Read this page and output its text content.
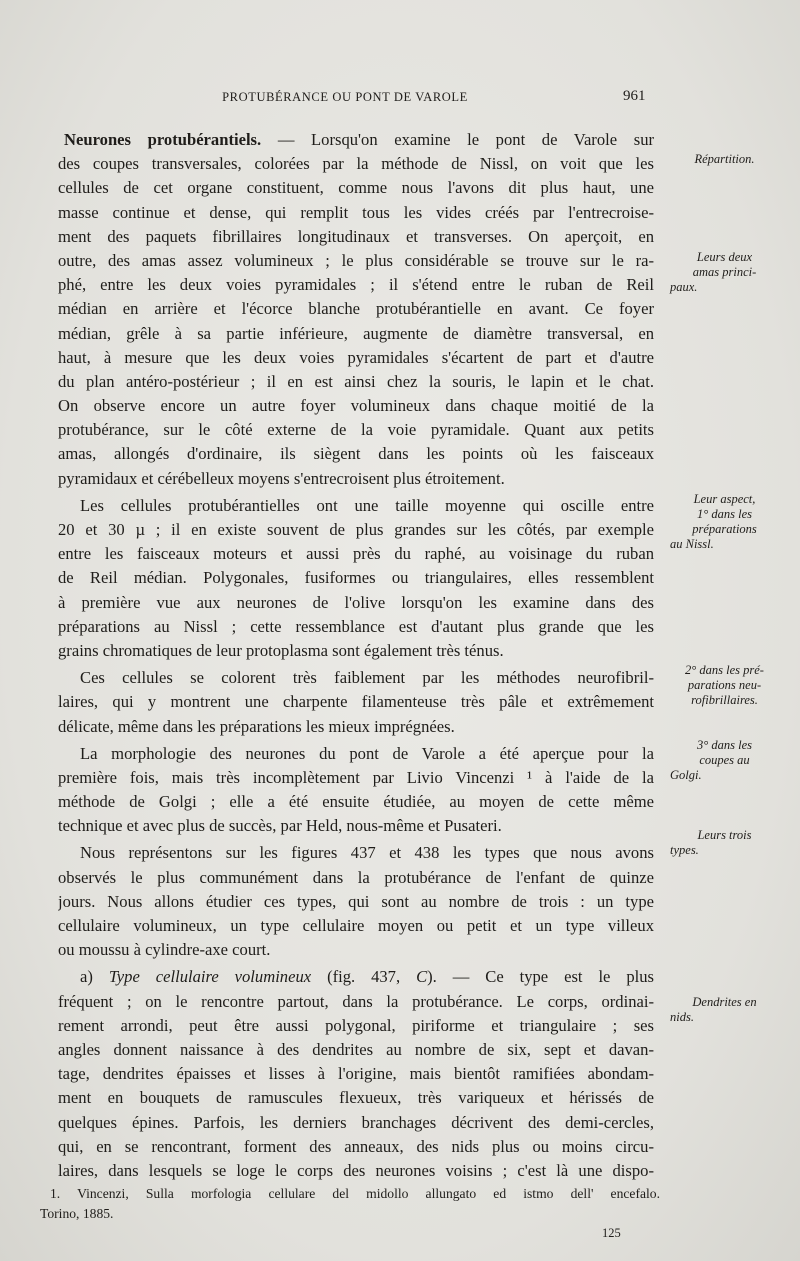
PROTUBÉRANCE OU PONT DE VAROLE	961
Neurones protubérantiels. — Lorsqu'on examine le pont de Varole sur
des coupes transversales, colorées par la méthode de Nissl, on voit que les
cellules de cet organe constituent, comme nous l'avons dit plus haut, une
masse continue et dense, qui remplit tous les vides créés par l'entrecroise-
ment des paquets fibrillaires longitudinaux et transverses. On aperçoit, en
outre, des amas assez volumineux ; le plus considérable se trouve sur le ra-
phé, entre les deux voies pyramidales ; il s'étend entre le ruban de Reil
médian en arrière et l'écorce blanche protubérantielle en avant. Ce foyer
médian, grêle à sa partie inférieure, augmente de diamètre transversal, en
haut, à mesure que les deux voies pyramidales s'écartent de part et d'autre
du plan antéro-postérieur ; il en est ainsi chez la souris, le lapin et le chat.
On observe encore un autre foyer volumineux dans chaque moitié de la
protubérance, sur le côté externe de la voie pyramidale. Quant aux petits
amas, allongés d'ordinaire, ils siègent dans les points où les faisceaux
pyramidaux et cérébelleux moyens s'entrecroisent plus étroitement.
Les cellules protubérantielles ont une taille moyenne qui oscille entre
20 et 30 µ ; il en existe souvent de plus grandes sur les côtés, par exemple
entre les faisceaux moteurs et aussi près du raphé, au voisinage du ruban
de Reil médian. Polygonales, fusiformes ou triangulaires, elles ressemblent
à première vue aux neurones de l'olive lorsqu'on les examine dans des
préparations au Nissl ; cette ressemblance est d'autant plus grande que les
grains chromatiques de leur protoplasma sont également très ténus.
Ces cellules se colorent très faiblement par les méthodes neurofibril-
laires, qui y montrent une charpente filamenteuse très pâle et extrêmement
délicate, même dans les préparations les mieux imprégnées.
La morphologie des neurones du pont de Varole a été aperçue pour la
première fois, mais très incomplètement par Livio Vincenzi ¹ à l'aide de la
méthode de Golgi ; elle a été ensuite étudiée, au moyen de cette même
technique et avec plus de succès, par Held, nous-même et Pusateri.
Nous représentons sur les figures 437 et 438 les types que nous avons
observés le plus communément dans la protubérance de l'enfant de quinze
jours. Nous allons étudier ces types, qui sont au nombre de trois : un type
cellulaire volumineux, un type cellulaire moyen ou petit et un type villeux
ou moussu à cylindre-axe court.
a) Type cellulaire volumineux (fig. 437, C). — Ce type est le plus
fréquent ; on le rencontre partout, dans la protubérance. Le corps, ordinai-
rement arrondi, peut être aussi polygonal, piriforme et triangulaire ; ses
angles donnent naissance à des dendrites au nombre de six, sept et davan-
tage, dendrites épaisses et lisses à l'origine, mais bientôt ramifiées abondam-
ment en bouquets de ramuscules flexueux, très variqueux et hérissés de
quelques épines. Parfois, les derniers branchages décrivent des demi-cercles,
qui, en se rencontrant, forment des anneaux, des nids plus ou moins circu-
laires, dans lesquels se loge le corps des neurones voisins ; c'est là une dispo-
Répartition.
Leurs deux
amas princi-
paux.
Leur aspect,
1° dans les
préparations
au Nissl.
2° dans les pré-
parations neu-
rofibrillaires.
3° dans les
coupes au
Golgi.
Leurs trois
types.
Dendrites en
nids.
1. Vincenzi, Sulla morfologia cellulare del midollo allungato ed istmo dell' encefalo.
Torino, 1885.
125
